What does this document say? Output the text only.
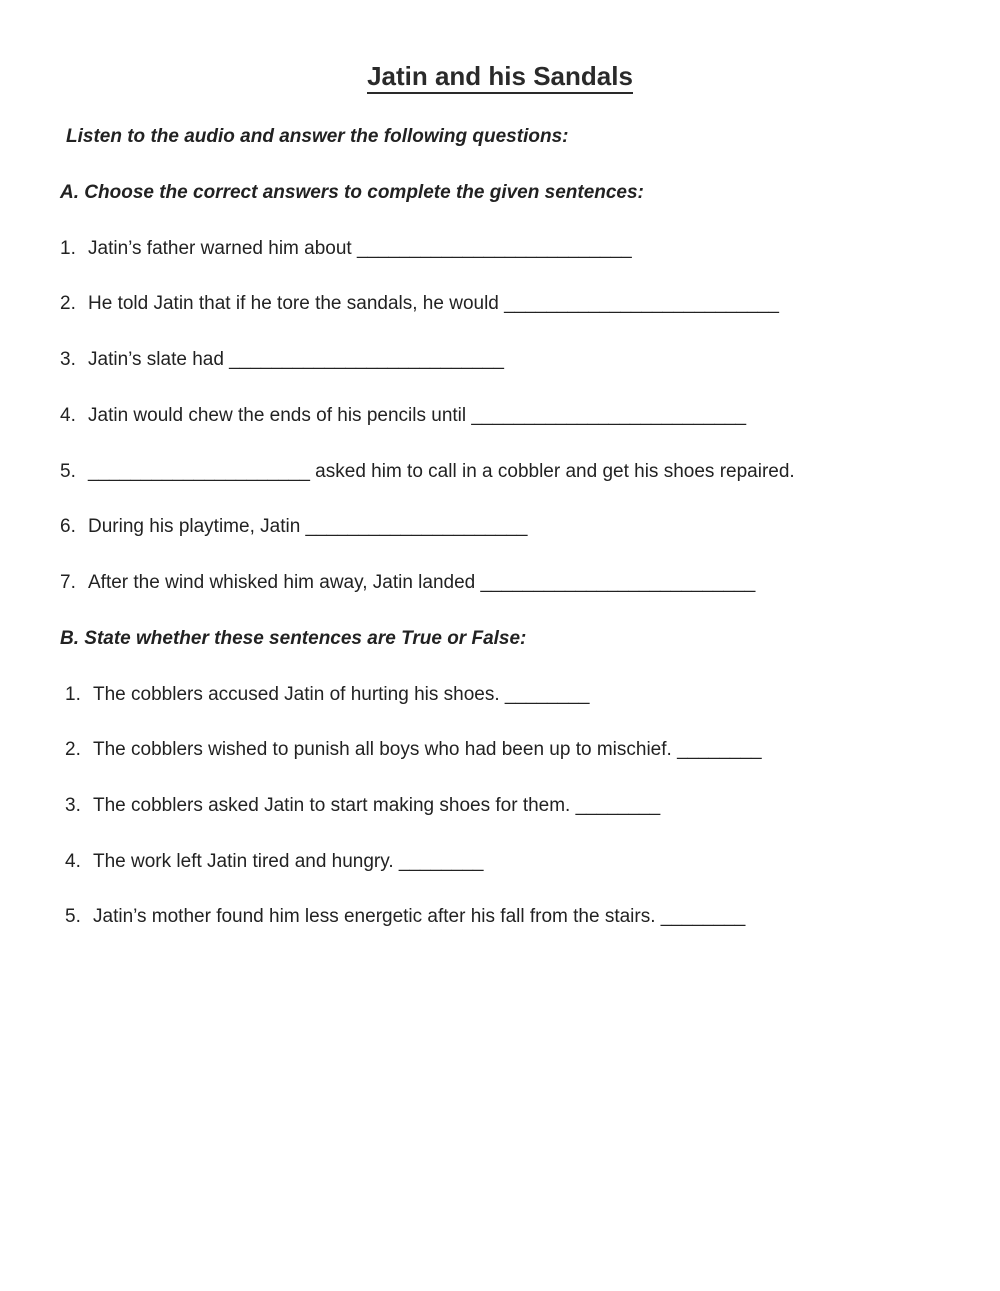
Jatin and his Sandals
Listen to the audio and answer the following questions:
A. Choose the correct answers to complete the given sentences:
1. Jatin’s father warned him about __________________________
2. He told Jatin that if he tore the sandals, he would __________________________
3. Jatin’s slate had __________________________
4. Jatin would chew the ends of his pencils until __________________________
5. _____________________ asked him to call in a cobbler and get his shoes repaired.
6. During his playtime, Jatin _____________________
7. After the wind whisked him away, Jatin landed __________________________
B. State whether these sentences are True or False:
1. The cobblers accused Jatin of hurting his shoes. ________
2. The cobblers wished to punish all boys who had been up to mischief. ________
3. The cobblers asked Jatin to start making shoes for them. ________
4. The work left Jatin tired and hungry. ________
5. Jatin’s mother found him less energetic after his fall from the stairs. ________
